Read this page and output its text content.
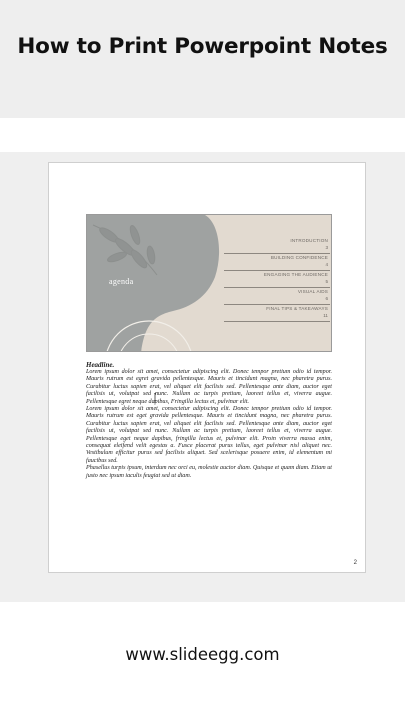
How to Print Powerpoint Notes
agenda
INTRODUCTION
3
BUILDING CONFIDENCE
4
ENGAGING THE AUDIENCE
5
VISUAL AIDS
6
FINAL TIPS & TAKEAWAYS
11
Headline.

Lorem ipsum dolor sit amet, consectetur adipiscing elit. Donec tempor pretium odio id tempor. Mauris rutrum est egret gravida pellentesque. Mauris et tincidunt magna, nec pharetra purus. Curabitur luctus sapien erat, vel aliquet elit facilisis sed. Pellentesque ante diam, auctor eget facilisis ut, volutpat sed nunc. Nullam ac turpis pretium, laoreet tellus et, viverra augue. Pellentesque egret neque dapibus, Fringilla lectus et, pulvinar elit.

Lorem ipsum dolor sit amet, consectetur adipiscing elit. Donec tempor pretium odio id tempor. Mauris rutrum est eget gravida pellentesque. Mauris et tincidunt magna, nec pharetra purus. Curabitur luctus sapien erat, vel aliquet elit facilisis sed. Pellentesque ante diam, auctor eget facilisis ut, volutpat sed nunc. Nullam ac turpis pretium, laoreet tellus et, viverra augue. Pellentesque eget neque dapibus, fringilla lectus et, pulvinar elit. Proin viverra massa enim, consequat eleifend velit egestas a. Fusce placerat purus tellus, eget pulvinar nisl aliquet nec. Vestibulum efficitur purus sed facilisis aliquet. Sed scelerisque posuere enim, id elementum mi faucibus sed.

Phasellus turpis ipsum, interdum nec orci eu, molestie auctor diam. Quisque et quam diam. Etiam ut justo nec ipsum iaculis feugiat sed ut diam.

2
www.slideegg.com
